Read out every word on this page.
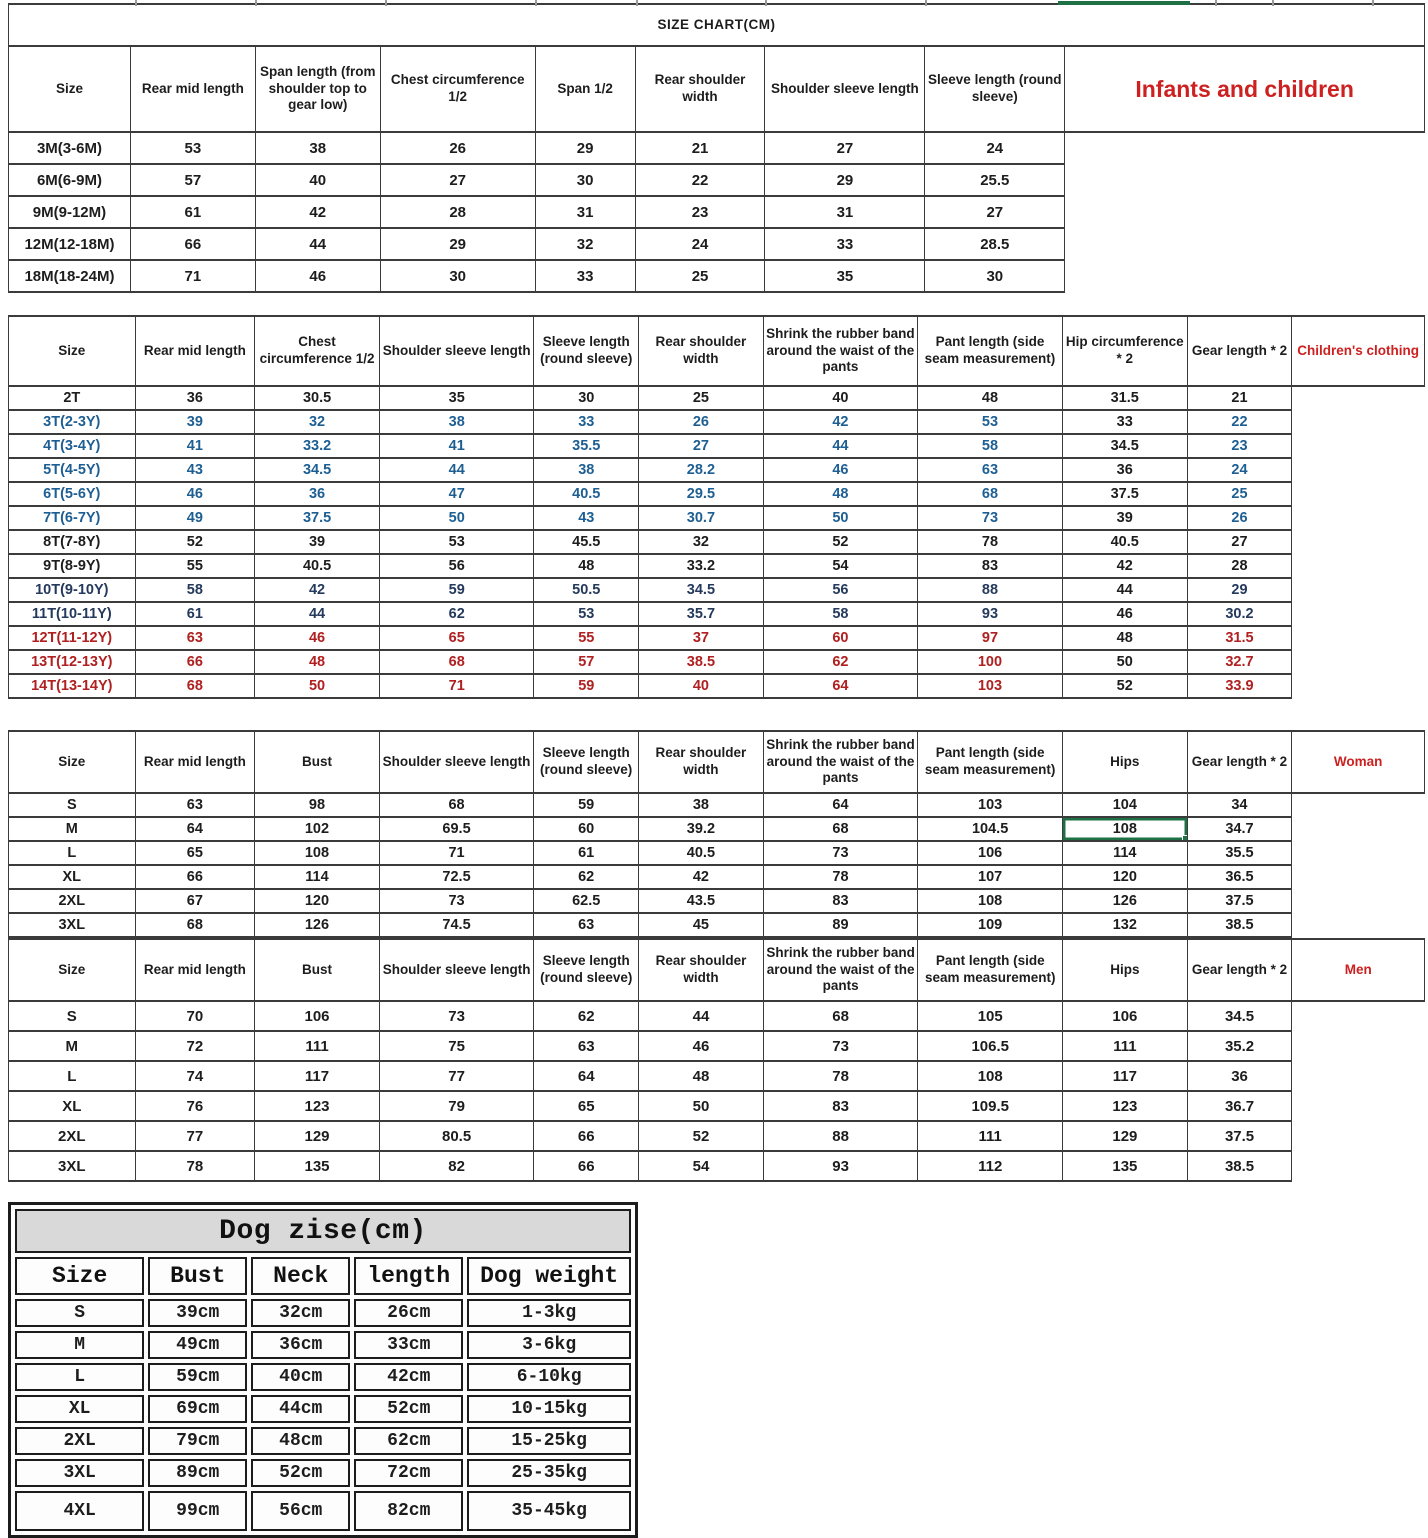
SIZE CHART(CM)								
Size	Rear mid length	Span length (from shoulder top to gear low)	Chest circumference 1/2	Span 1/2	Rear shoulder width	Shoulder sleeve length	Sleeve length (round sleeve)	Infants and children
3M(3-6M)	53	38	26	29	21	27	24	
6M(6-9M)	57	40	27	30	22	29	25.5	
9M(9-12M)	61	42	28	31	23	31	27	
12M(12-18M)	66	44	29	32	24	33	28.5	
18M(18-24M)	71	46	30	33	25	35	30	
Size	Rear mid length	Chest circumference 1/2	Shoulder sleeve length	Sleeve length (round sleeve)	Rear shoulder width	Shrink the rubber band around the waist of the pants	Pant length (side seam measurement)	Hip circumference * 2	Gear length * 2	Children's clothing
2T	36	30.5	35	30	25	40	48	31.5	21	
3T(2-3Y)	39	32	38	33	26	42	53	33	22	
4T(3-4Y)	41	33.2	41	35.5	27	44	58	34.5	23	
5T(4-5Y)	43	34.5	44	38	28.2	46	63	36	24	
6T(5-6Y)	46	36	47	40.5	29.5	48	68	37.5	25	
7T(6-7Y)	49	37.5	50	43	30.7	50	73	39	26	
8T(7-8Y)	52	39	53	45.5	32	52	78	40.5	27	
9T(8-9Y)	55	40.5	56	48	33.2	54	83	42	28	
10T(9-10Y)	58	42	59	50.5	34.5	56	88	44	29	
11T(10-11Y)	61	44	62	53	35.7	58	93	46	30.2	
12T(11-12Y)	63	46	65	55	37	60	97	48	31.5	
13T(12-13Y)	66	48	68	57	38.5	62	100	50	32.7	
14T(13-14Y)	68	50	71	59	40	64	103	52	33.9	
Size	Rear mid length	Bust	Shoulder sleeve length	Sleeve length (round sleeve)	Rear shoulder width	Shrink the rubber band around the waist of the pants	Pant length (side seam measurement)	Hips	Gear length * 2	Woman
S	63	98	68	59	38	64	103	104	34	
M	64	102	69.5	60	39.2	68	104.5	108	34.7	
L	65	108	71	61	40.5	73	106	114	35.5	
XL	66	114	72.5	62	42	78	107	120	36.5	
2XL	67	120	73	62.5	43.5	83	108	126	37.5	
3XL	68	126	74.5	63	45	89	109	132	38.5	
Size	Rear mid length	Bust	Shoulder sleeve length	Sleeve length (round sleeve)	Rear shoulder width	Shrink the rubber band around the waist of the pants	Pant length (side seam measurement)	Hips	Gear length * 2	Men
S	70	106	73	62	44	68	105	106	34.5	
M	72	111	75	63	46	73	106.5	111	35.2	
L	74	117	77	64	48	78	108	117	36	
XL	76	123	79	65	50	83	109.5	123	36.7	
2XL	77	129	80.5	66	52	88	111	129	37.5	
3XL	78	135	82	66	54	93	112	135	38.5	
Dog zise(cm)				
Size	Bust	Neck	length	Dog weight
S	39cm	32cm	26cm	1-3kg
M	49cm	36cm	33cm	3-6kg
L	59cm	40cm	42cm	6-10kg
XL	69cm	44cm	52cm	10-15kg
2XL	79cm	48cm	62cm	15-25kg
3XL	89cm	52cm	72cm	25-35kg
4XL	99cm	56cm	82cm	35-45kg
